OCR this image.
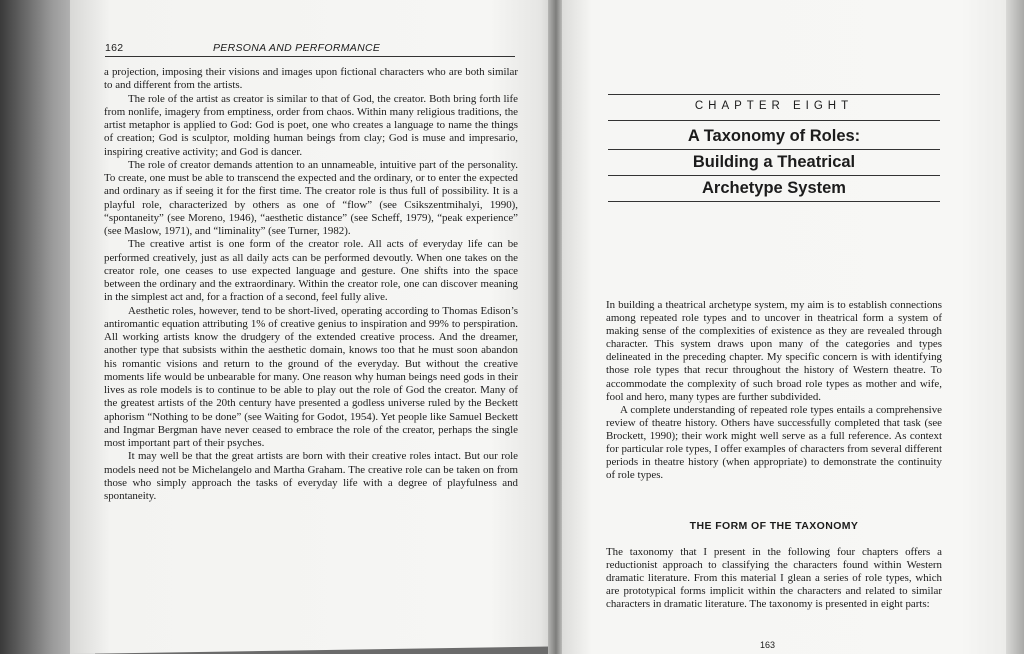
162	PERSONA AND PERFORMANCE

a projection, imposing their visions and images upon fictional characters who are both similar to and different from the artists.

The role of the artist as creator is similar to that of God, the creator. Both bring forth life from nonlife, imagery from emptiness, order from chaos. Within many religious traditions, the artist metaphor is applied to God: God is poet, one who creates a language to name the things of creation; God is sculptor, molding human beings from clay; God is muse and impresario, inspiring creative activity; and God is dancer.

The role of creator demands attention to an unnameable, intuitive part of the personality. To create, one must be able to transcend the expected and the ordinary, or to enter the expected and ordinary as if seeing it for the first time. The creator role is thus full of possibility. It is a playful role, characterized by others as one of “flow” (see Csikszentmihalyi, 1990), “spontaneity” (see Moreno, 1946), “aesthetic distance” (see Scheff, 1979), “peak experience” (see Maslow, 1971), and “liminality” (see Turner, 1982).

The creative artist is one form of the creator role. All acts of everyday life can be performed creatively, just as all daily acts can be performed devoutly. When one takes on the creator role, one ceases to use expected language and gesture. One shifts into the space between the ordinary and the extraordinary. Within the creator role, one can discover meaning in the simplest act and, for a fraction of a second, feel fully alive.

Aesthetic roles, however, tend to be short-lived, operating according to Thomas Edison’s antiromantic equation attributing 1% of creative genius to inspiration and 99% to perspiration. All working artists know the drudgery of the extended creative process. And the dreamer, another type that subsists within the aesthetic domain, knows too that he must soon abandon his romantic visions and return to the ground of the everyday. But without the creative moments life would be unbearable for many. One reason why human beings need gods in their lives as role models is to continue to be able to play out the role of God the creator. Many of the greatest artists of the 20th century have presented a godless universe ruled by the Beckett aphorism “Nothing to be done” (see Waiting for Godot, 1954). Yet people like Samuel Beckett and Ingmar Bergman have never ceased to embrace the role of the creator, perhaps the single most important part of their psyches.

It may well be that the great artists are born with their creative roles intact. But our role models need not be Michelangelo and Martha Graham. The creative role can be taken on from those who simply approach the tasks of everyday life with a degree of playfulness and spontaneity.

CHAPTER EIGHT
A Taxonomy of Roles:
Building a Theatrical
Archetype System

In building a theatrical archetype system, my aim is to establish connections among repeated role types and to uncover in theatrical form a system of making sense of the complexities of existence as they are revealed through character. This system draws upon many of the categories and types delineated in the preceding chapter. My specific concern is with identifying those role types that recur throughout the history of Western theatre. To accommodate the complexity of such broad role types as mother and wife, fool and hero, many types are further subdivided.

A complete understanding of repeated role types entails a comprehensive review of theatre history. Others have successfully completed that task (see Brockett, 1990); their work might well serve as a full reference. As context for particular role types, I offer examples of characters from several different periods in theatre history (when appropriate) to demonstrate the continuity of role types.

THE FORM OF THE TAXONOMY

The taxonomy that I present in the following four chapters offers a reductionist approach to classifying the characters found within Western dramatic literature. From this material I glean a series of role types, which are prototypical forms implicit within the characters and related to similar characters in dramatic literature. The taxonomy is presented in eight parts:

163
